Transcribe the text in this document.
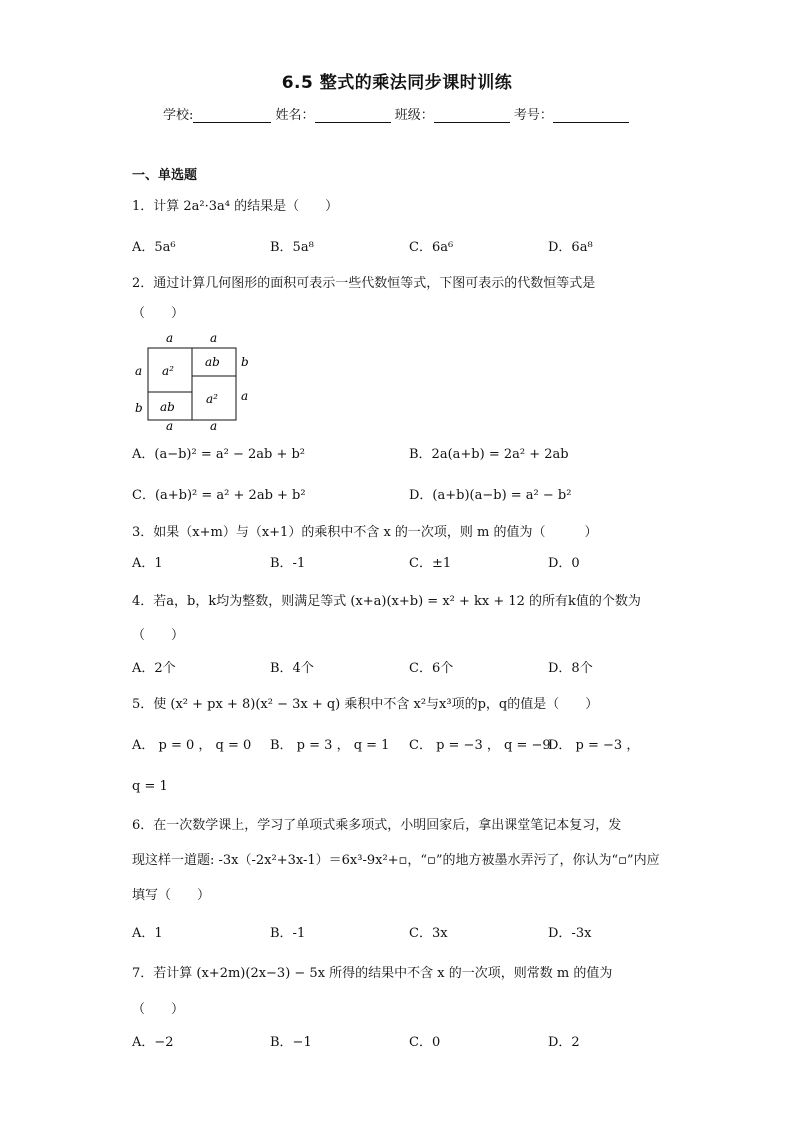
6.5 整式的乘法同步课时训练
学校:	姓名：	班级：	考号：
一、单选题
1．计算 2a²·3a⁴ 的结果是（　　）
A．5a⁶	B．5a⁸	C．6a⁶	D．6a⁸
2．通过计算几何图形的面积可表示一些代数恒等式，下图可表示的代数恒等式是
（　　）
a	a
a
b
b
a
a	a
a²
ab
ab
a²
A．(a−b)² = a² − 2ab + b²	B．2a(a+b) = 2a² + 2ab
C．(a+b)² = a² + 2ab + b²	D．(a+b)(a−b) = a² − b²
3．如果（x+m）与（x+1）的乘积中不含 x 的一次项，则 m 的值为（　　　）
A．1	B．-1	C．±1	D．0
4．若a，b，k均为整数，则满足等式 (x+a)(x+b) = x² + kx + 12 的所有k值的个数为
（　　）
A．2个	B．4个	C．6个	D．8个
5．使 (x² + px + 8)(x² − 3x + q) 乘积中不含 x²与x³项的p，q的值是（　　）
A． p = 0 ， q = 0 B． p = 3 ， q = 1 C． p = −3 ， q = −9
D． p = −3 ，
q = 1
6．在一次数学课上，学习了单项式乘多项式，小明回家后，拿出课堂笔记本复习，发
现这样一道题: -3x（-2x²+3x-1）＝6x³-9x²+▫，“▫”的地方被墨水弄污了，你认为“▫”内应
填写（　　）
A．1	B．-1	C．3x	D．-3x
7．若计算 (x+2m)(2x−3) − 5x 所得的结果中不含 x 的一次项，则常数 m 的值为
（　　）
A．−2	B．−1	C．0	D．2
